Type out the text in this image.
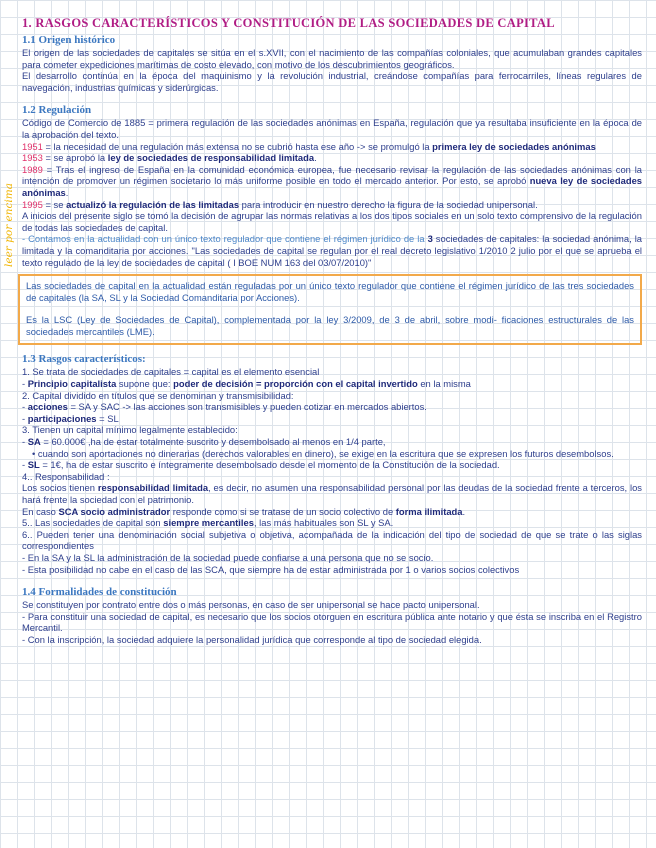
leer por encima
1. RASGOS CARACTERÍSTICOS Y CONSTITUCIÓN DE LAS SOCIEDADES DE CAPITAL
1.1 Origen histórico

El origen de las sociedades de capitales se sitúa en el s.XVII, con el nacimiento de las compañías coloniales, que acumulaban grandes capitales para cometer expediciones marítimas de costo elevado, con motivo de los descubrimientos geográficos.

El desarrollo continúa en la época del maquinismo y la revolución industrial, creándose compañías para ferrocarriles, líneas regulares de navegación, industrias químicas y siderúrgicas.

1.2 Regulación

Código de Comercio de 1885 = primera regulación de las sociedades anónimas en España, regulación que ya resultaba insuficiente en la época de la aprobación del texto.

1951 = la necesidad de una regulación más extensa no se cubrió hasta ese año -> se promulgó la primera ley de sociedades anónimas

1953 = se aprobó la ley de sociedades de responsabilidad limitada.

1989 = Tras el ingreso de España en la comunidad económica europea, fue necesario revisar la regulación de las sociedades anónimas con la intención de promover un régimen societario lo más uniforme posible en todo el mercado anterior. Por esto, se aprobó nueva ley de sociedades anónimas.

1995 = se actualizó la regulación de las limitadas para introducir en nuestro derecho la figura de la sociedad unipersonal.

A inicios del presente siglo se tomó la decisión de agrupar las normas relativas a los dos tipos sociales en un solo texto comprensivo de la regulación de todas las sociedades de capital.

- Contamos en la actualidad con un único texto regulador que contiene el régimen jurídico de la 3 sociedades de capitales: la sociedad anónima, la limitada y la comanditaria por acciones. "Las sociedades de capital se regulan por el real decreto legislativo 1/2010 2 julio por el que se aprueba el texto regulado de la ley de sociedades de capital ( I BOE NUM 163 del 03/07/2010)"

Las sociedades de capital en la actualidad están reguladas por un único texto regulador que contiene el régimen jurídico de las tres sociedades de capitales (la SA, SL y la Sociedad Comanditaria por Acciones).

Es la LSC (Ley de Sociedades de Capital), complementada por la ley 3/2009, de 3 de abril, sobre modi- ficaciones estructurales de las sociedades mercantiles (LME).

1.3 Rasgos característicos:

1. Se trata de sociedades de capitales = capital es el elemento esencial

- Principio capitalista supone que: poder de decisión = proporción con el capital invertido en la misma

2. Capital dividido en títulos que se denominan y transmisibilidad:

- acciones = SA y SAC -> las acciones son transmisibles y pueden cotizar en mercados abiertos.

- participaciones = SL

3. Tienen un capital mínimo legalmente establecido:

- SA = 60.000€ ,ha de estar totalmente suscrito y desembolsado al menos en 1/4 parte,

• cuando son aportaciones no dinerarias (derechos valorables en dinero), se exige en la escritura que se expresen los futuros desembolsos.

- SL = 1€, ha de estar suscrito e íntegramente desembolsado desde el momento de la Constitución de la sociedad.

4.. Responsabilidad :

Los socios tienen responsabilidad limitada, es decir, no asumen una responsabilidad personal por las deudas de la sociedad frente a terceros, los hará frente la sociedad con el patrimonio.

En caso SCA socio administrador responde como si se tratase de un socio colectivo de forma ilimitada.

5.. Las sociedades de capital son siempre mercantiles, las más habituales son SL y SA.

6.. Pueden tener una denominación social subjetiva o objetiva, acompañada de la indicación del tipo de sociedad de que se trate o las siglas correspondientes

- En la SA y la SL la administración de la sociedad puede confiarse a una persona que no se socio.

- Esta posibilidad no cabe en el caso de las SCA, que siempre ha de estar administrada por 1 o varios socios colectivos

1.4 Formalidades de constitución

Se constituyen por contrato entre dos o más personas, en caso de ser unipersonal se hace pacto unipersonal.

- Para constituir una sociedad de capital, es necesario que los socios otorguen en escritura pública ante notario y que ésta se inscriba en el Registro Mercantil.

- Con la inscripción, la sociedad adquiere la personalidad jurídica que corresponde al tipo de sociedad elegida.
